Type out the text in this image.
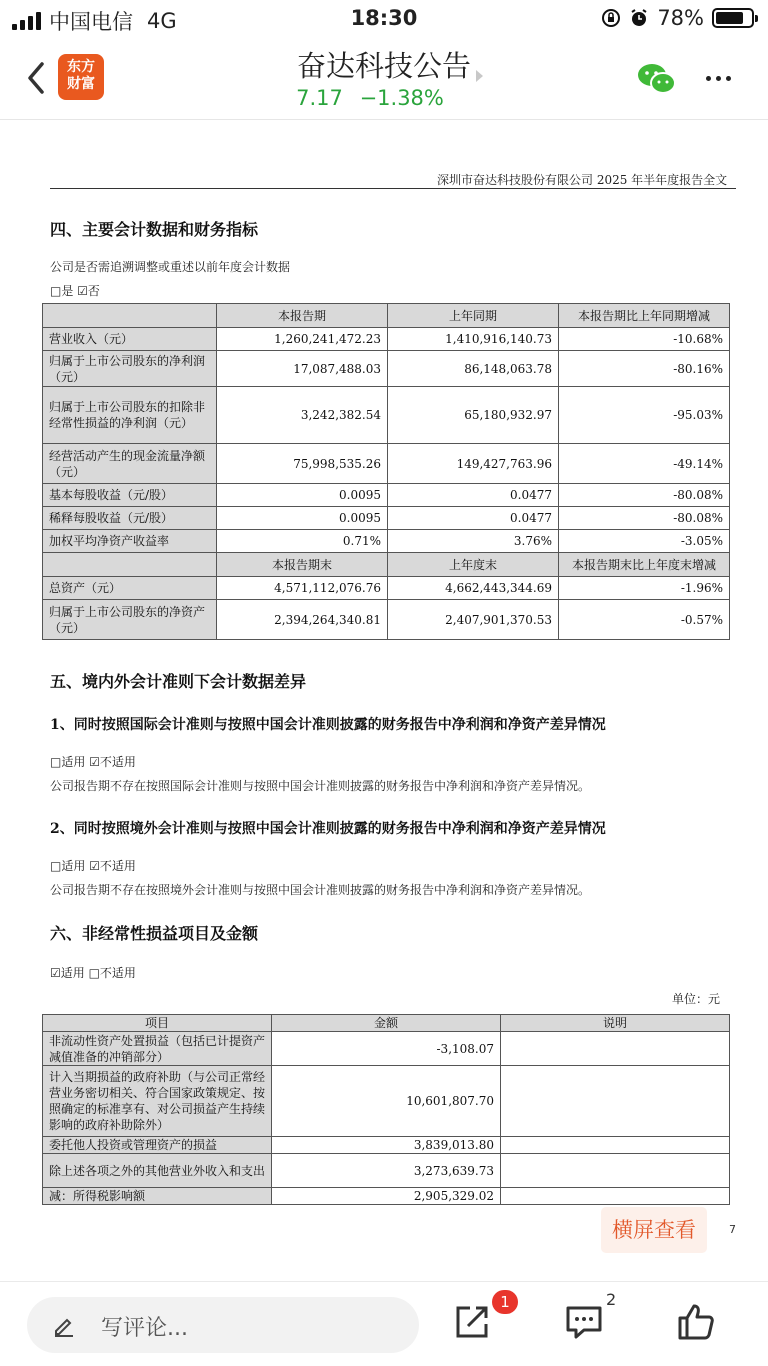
中国电信 4G	18:30	78%
东方
财富
奋达科技公告
7.17 −1.38%
深圳市奋达科技股份有限公司 2025 年半年度报告全文
四、主要会计数据和财务指标
公司是否需追溯调整或重述以前年度会计数据
□是 ☑否
	本报告期	上年同期	本报告期比上年同期增减
营业收入（元）	1,260,241,472.23	1,410,916,140.73	-10.68%
归属于上市公司股东的净利润（元）	17,087,488.03	86,148,063.78	-80.16%
归属于上市公司股东的扣除非经常性损益的净利润（元）	3,242,382.54	65,180,932.97	-95.03%
经营活动产生的现金流量净额（元）	75,998,535.26	149,427,763.96	-49.14%
基本每股收益（元/股）	0.0095	0.0477	-80.08%
稀释每股收益（元/股）	0.0095	0.0477	-80.08%
加权平均净资产收益率	0.71%	3.76%	-3.05%
	本报告期末	上年度末	本报告期末比上年度末增减
总资产（元）	4,571,112,076.76	4,662,443,344.69	-1.96%
归属于上市公司股东的净资产（元）	2,394,264,340.81	2,407,901,370.53	-0.57%
五、境内外会计准则下会计数据差异
1、同时按照国际会计准则与按照中国会计准则披露的财务报告中净利润和净资产差异情况
□适用 ☑不适用
公司报告期不存在按照国际会计准则与按照中国会计准则披露的财务报告中净利润和净资产差异情况。
2、同时按照境外会计准则与按照中国会计准则披露的财务报告中净利润和净资产差异情况
□适用 ☑不适用
公司报告期不存在按照境外会计准则与按照中国会计准则披露的财务报告中净利润和净资产差异情况。
六、非经常性损益项目及金额
☑适用 □不适用
单位：元
项目	金额	说明
非流动性资产处置损益（包括已计提资产减值准备的冲销部分）	-3,108.07	
计入当期损益的政府补助（与公司正常经营业务密切相关、符合国家政策规定、按照确定的标准享有、对公司损益产生持续影响的政府补助除外）	10,601,807.70	
委托他人投资或管理资产的损益	3,839,013.80	
除上述各项之外的其他营业外收入和支出	3,273,639.73	
减：所得税影响额	2,905,329.02	
7
横屏查看
写评论...
1	2
